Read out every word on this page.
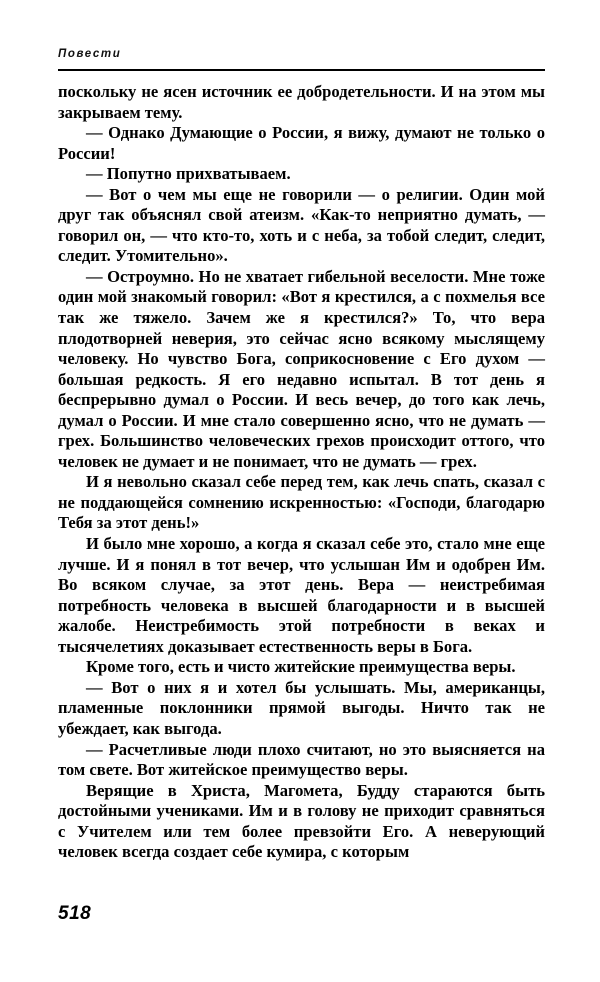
Повести

поскольку не ясен источник ее добродетельности. И на этом мы закрываем тему.

— Однако Думающие о России, я вижу, думают не только о России!

— Попутно прихватываем.

— Вот о чем мы еще не говорили — о религии. Один мой друг так объяснял свой атеизм. «Как-то неприятно думать, — говорил он, — что кто-то, хоть и с неба, за тобой следит, следит, следит. Утомительно».

— Остроумно. Но не хватает гибельной веселости. Мне тоже один мой знакомый говорил: «Вот я крестился, а с похмелья все так же тяжело. Зачем же я крестился?» То, что вера плодотворней неверия, это сейчас ясно всякому мыслящему человеку. Но чувство Бога, соприкосновение с Его духом — большая редкость. Я его недавно испытал. В тот день я беспрерывно думал о России. И весь вечер, до того как лечь, думал о России. И мне стало совершенно ясно, что не думать — грех. Большинство человеческих грехов происходит оттого, что человек не думает и не понимает, что не думать — грех.

И я невольно сказал себе перед тем, как лечь спать, сказал с не поддающейся сомнению искренностью: «Господи, благодарю Тебя за этот день!»

И было мне хорошо, а когда я сказал себе это, стало мне еще лучше. И я понял в тот вечер, что услышан Им и одобрен Им. Во всяком случае, за этот день. Вера — неистребимая потребность человека в высшей благодарности и в высшей жалобе. Неистребимость этой потребности в веках и тысячелетиях доказывает естественность веры в Бога.

Кроме того, есть и чисто житейские преимущества веры.

— Вот о них я и хотел бы услышать. Мы, американцы, пламенные поклонники прямой выгоды. Ничто так не убеждает, как выгода.

— Расчетливые люди плохо считают, но это выясняется на том свете. Вот житейское преимущество веры.

Верящие в Христа, Магомета, Будду стараются быть достойными учениками. Им и в голову не приходит сравняться с Учителем или тем более превзойти Его. А неверующий человек всегда создает себе кумира, с которым

518
